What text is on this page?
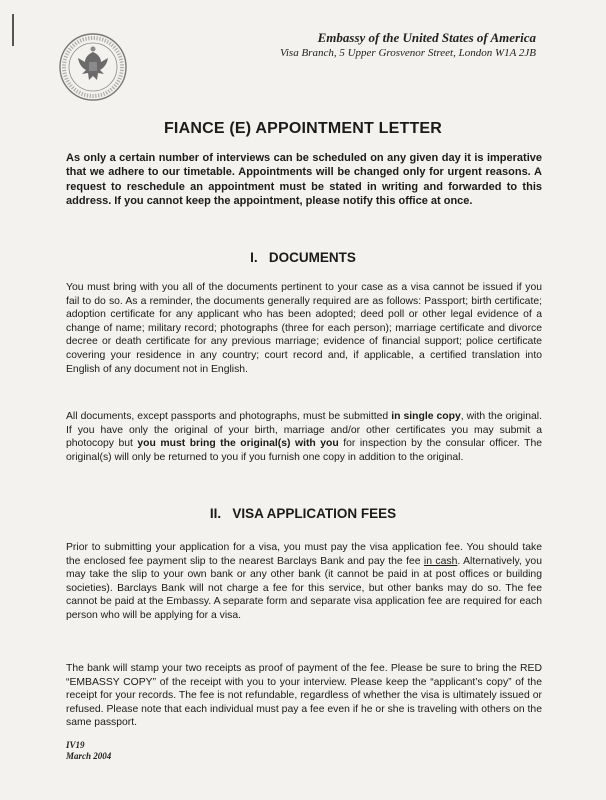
Embassy of the United States of America
Visa Branch, 5 Upper Grosvenor Street, London W1A 2JB
FIANCE (E) APPOINTMENT LETTER
As only a certain number of interviews can be scheduled on any given day it is imperative that we adhere to our timetable. Appointments will be changed only for urgent reasons. A request to reschedule an appointment must be stated in writing and forwarded to this address. If you cannot keep the appointment, please notify this office at once.
I.   DOCUMENTS
You must bring with you all of the documents pertinent to your case as a visa cannot be issued if you fail to do so. As a reminder, the documents generally required are as follows: Passport; birth certificate; adoption certificate for any applicant who has been adopted; deed poll or other legal evidence of a change of name; military record; photographs (three for each person); marriage certificate and divorce decree or death certificate for any previous marriage; evidence of financial support; police certificate covering your residence in any country; court record and, if applicable, a certified translation into English of any document not in English.
All documents, except passports and photographs, must be submitted in single copy, with the original. If you have only the original of your birth, marriage and/or other certificates you may submit a photocopy but you must bring the original(s) with you for inspection by the consular officer. The original(s) will only be returned to you if you furnish one copy in addition to the original.
II.   VISA APPLICATION FEES
Prior to submitting your application for a visa, you must pay the visa application fee. You should take the enclosed fee payment slip to the nearest Barclays Bank and pay the fee in cash. Alternatively, you may take the slip to your own bank or any other bank (it cannot be paid in at post offices or building societies). Barclays Bank will not charge a fee for this service, but other banks may do so. The fee cannot be paid at the Embassy. A separate form and separate visa application fee are required for each person who will be applying for a visa.
The bank will stamp your two receipts as proof of payment of the fee. Please be sure to bring the RED “EMBASSY COPY” of the receipt with you to your interview. Please keep the “applicant’s copy” of the receipt for your records. The fee is not refundable, regardless of whether the visa is ultimately issued or refused. Please note that each individual must pay a fee even if he or she is traveling with others on the same passport.
IV19
March 2004
